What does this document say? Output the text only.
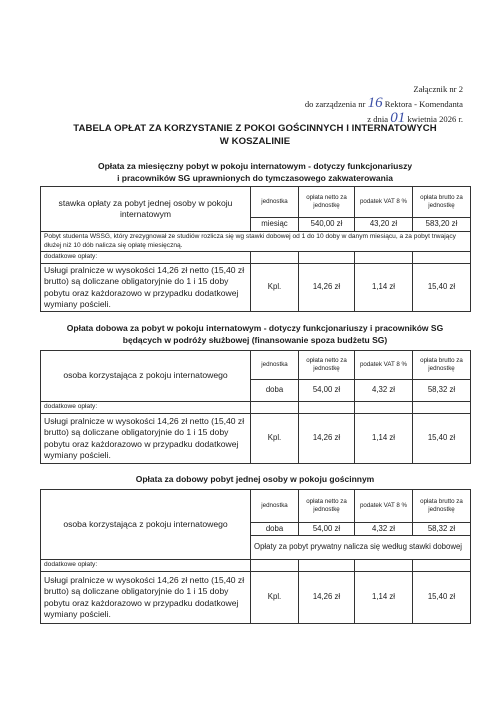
Załącznik nr 2
do zarządzenia nr 16 Rektora - Komendanta
z dnia 01 kwietnia 2026 r.
TABELA OPŁAT ZA KORZYSTANIE Z POKOI GOŚCINNYCH I INTERNATOWYCH
W KOSZALINIE
Opłata za miesięczny pobyt w pokoju internatowym - dotyczy funkcjonariuszy
i pracowników SG uprawnionych do tymczasowego zakwaterowania
stawka opłaty za pobyt jednej osoby w pokoju internatowym	jednostka	opłata netto za jednostkę	podatek VAT 8 %	opłata brutto za jednostkę
	miesiąc	540,00 zł	43,20 zł	583,20 zł
Pobyt studenta WSSG, który zrezygnował ze studiów rozlicza się wg stawki dobowej od 1 do 10 doby w danym miesiącu, a za pobyt trwający dłużej niż 10 dób nalicza się opłatę miesięczną.				
dodatkowe opłaty:				
Usługi pralnicze w wysokości 14,26 zł netto (15,40 zł brutto) są doliczane obligatoryjnie do 1 i 15 doby pobytu oraz każdorazowo w przypadku dodatkowej wymiany pościeli.	Kpl.	14,26 zł	1,14 zł	15,40 zł
Opłata dobowa za pobyt w pokoju internatowym - dotyczy funkcjonariuszy i pracowników SG
będących w podróży służbowej (finansowanie spoza budżetu SG)
osoba korzystająca z pokoju internatowego	jednostka	opłata netto za jednostkę	podatek VAT 8 %	opłata brutto za jednostkę
	doba	54,00 zł	4,32 zł	58,32 zł
dodatkowe opłaty:				
Usługi pralnicze w wysokości 14,26 zł netto (15,40 zł brutto) są doliczane obligatoryjnie do 1 i 15 doby pobytu oraz każdorazowo w przypadku dodatkowej wymiany pościeli.	Kpl.	14,26 zł	1,14 zł	15,40 zł
Opłata za dobowy pobyt jednej osoby w pokoju gościnnym
osoba korzystająca z pokoju internatowego	jednostka	opłata netto za jednostkę	podatek VAT 8 %	opłata brutto za jednostkę
	doba	54,00 zł	4,32 zł	58,32 zł
	Opłaty za pobyt prywatny nalicza się według stawki dobowej			
dodatkowe opłaty:				
Usługi pralnicze w wysokości 14,26 zł netto (15,40 zł brutto) są doliczane obligatoryjnie do 1 i 15 doby pobytu oraz każdorazowo w przypadku dodatkowej wymiany pościeli.	Kpl.	14,26 zł	1,14 zł	15,40 zł
